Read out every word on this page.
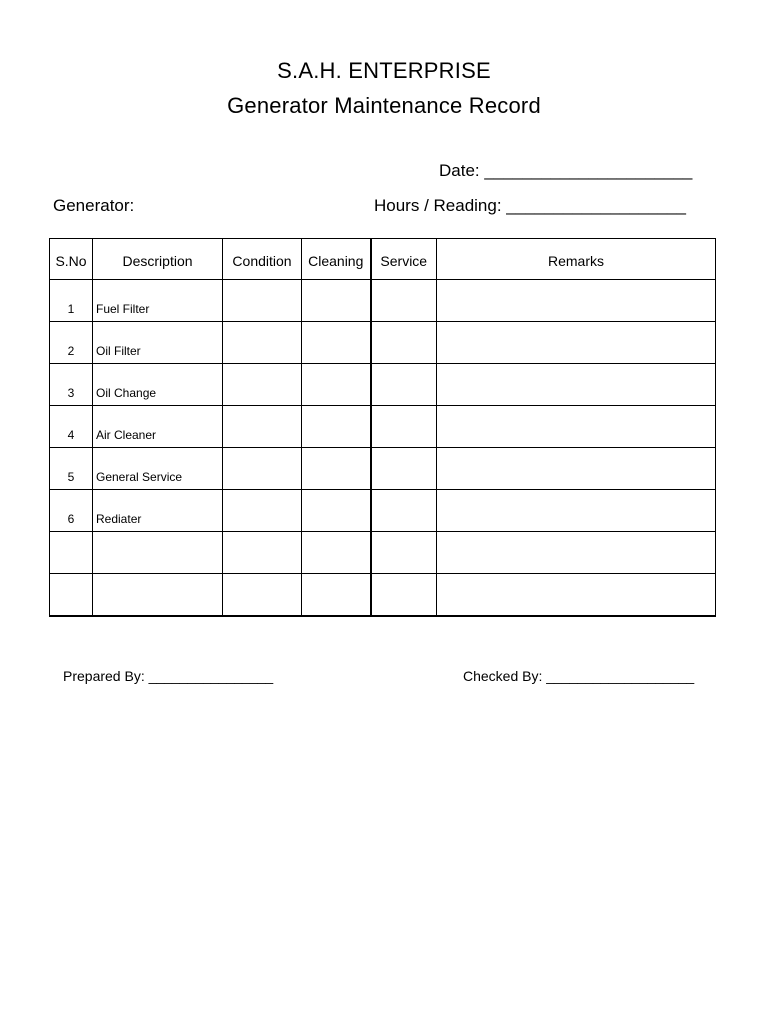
S.A.H. ENTERPRISE
Generator Maintenance Record
Date: ______________________
Generator:	Hours / Reading: ___________________
S.No	Description	Condition	Cleaning	Service	Remarks
1	Fuel Filter				
2	Oil Filter				
3	Oil Change				
4	Air Cleaner				
5	General Service				
6	Rediater				

Prepared By: ________________	Checked By: ___________________
